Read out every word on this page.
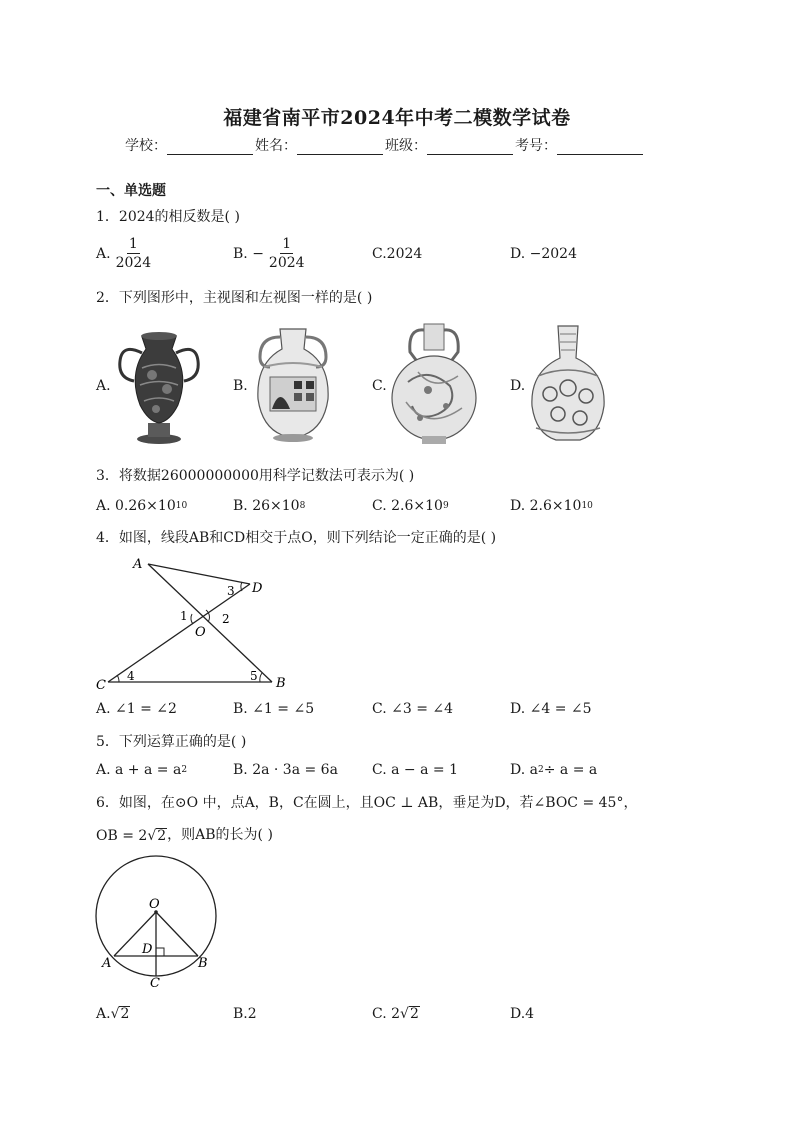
福建省南平市2024年中考二模数学试卷
学校：	姓名：	班级：	考号：
一、单选题
1．2024的相反数是( )
A. $\frac{1}{2024}$	B. − $\frac{1}{2024}$	C.2024	D. −2024
2．下列图形中，主视图和左视图一样的是( )
A.	B.	C.	D.
3．将数据26000000000用科学记数法可表示为( )
A. 0.26×10 10	B. 26×10 8	C. 2.6×10 9	D. 2.6×10 10
4．如图，线段AB和CD相交于点O，则下列结论一定正确的是( )
A
D
C	B
O
1	2
3
4	5
A. ∠1 = ∠2	B. ∠1 = ∠5	C. ∠3 = ∠4	D. ∠4 = ∠5
5．下列运算正确的是( )
A. a + a = a 2	B. 2a · 3a = 6a C. a − a = 1	D. a 2 ÷ a = a
6．如图，在⊙O 中，点A，B，C在圆上，且OC ⊥ AB，垂足为D，若∠BOC = 45°，
OB = 2 √ 2 ，则AB的长为( )
O
A	B
C
D
A. √ 2	B.2	C. 2 √ 2	D.4
